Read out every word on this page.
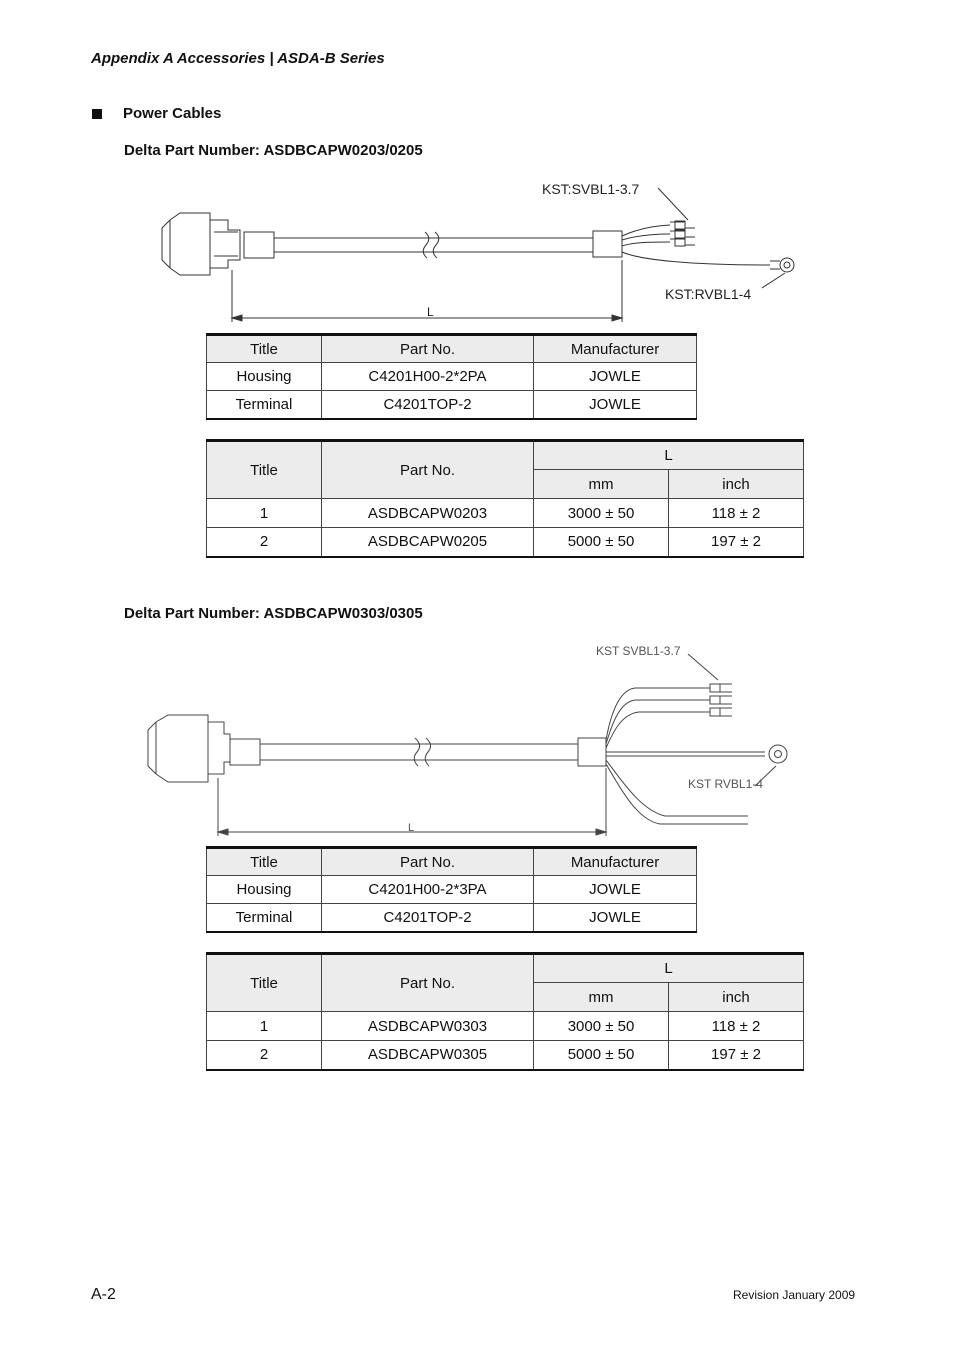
Appendix A Accessories | ASDA-B Series
Power Cables
Delta Part Number: ASDBCAPW0203/0205
KST:SVBL1-3.7
KST:RVBL1-4
L
Title	Part No.	Manufacturer
Housing	C4201H00-2*2PA	JOWLE
Terminal	C4201TOP-2	JOWLE
Title	Part No.	L	
		mm	inch
1	ASDBCAPW0203	3000 ± 50	118 ± 2
2	ASDBCAPW0205	5000 ± 50	197 ± 2
Delta Part Number: ASDBCAPW0303/0305
KST SVBL1-3.7
KST RVBL1-4
L
Title	Part No.	Manufacturer
Housing	C4201H00-2*3PA	JOWLE
Terminal	C4201TOP-2	JOWLE
Title	Part No.	L	
		mm	inch
1	ASDBCAPW0303	3000 ± 50	118 ± 2
2	ASDBCAPW0305	5000 ± 50	197 ± 2
A-2	Revision January 2009
